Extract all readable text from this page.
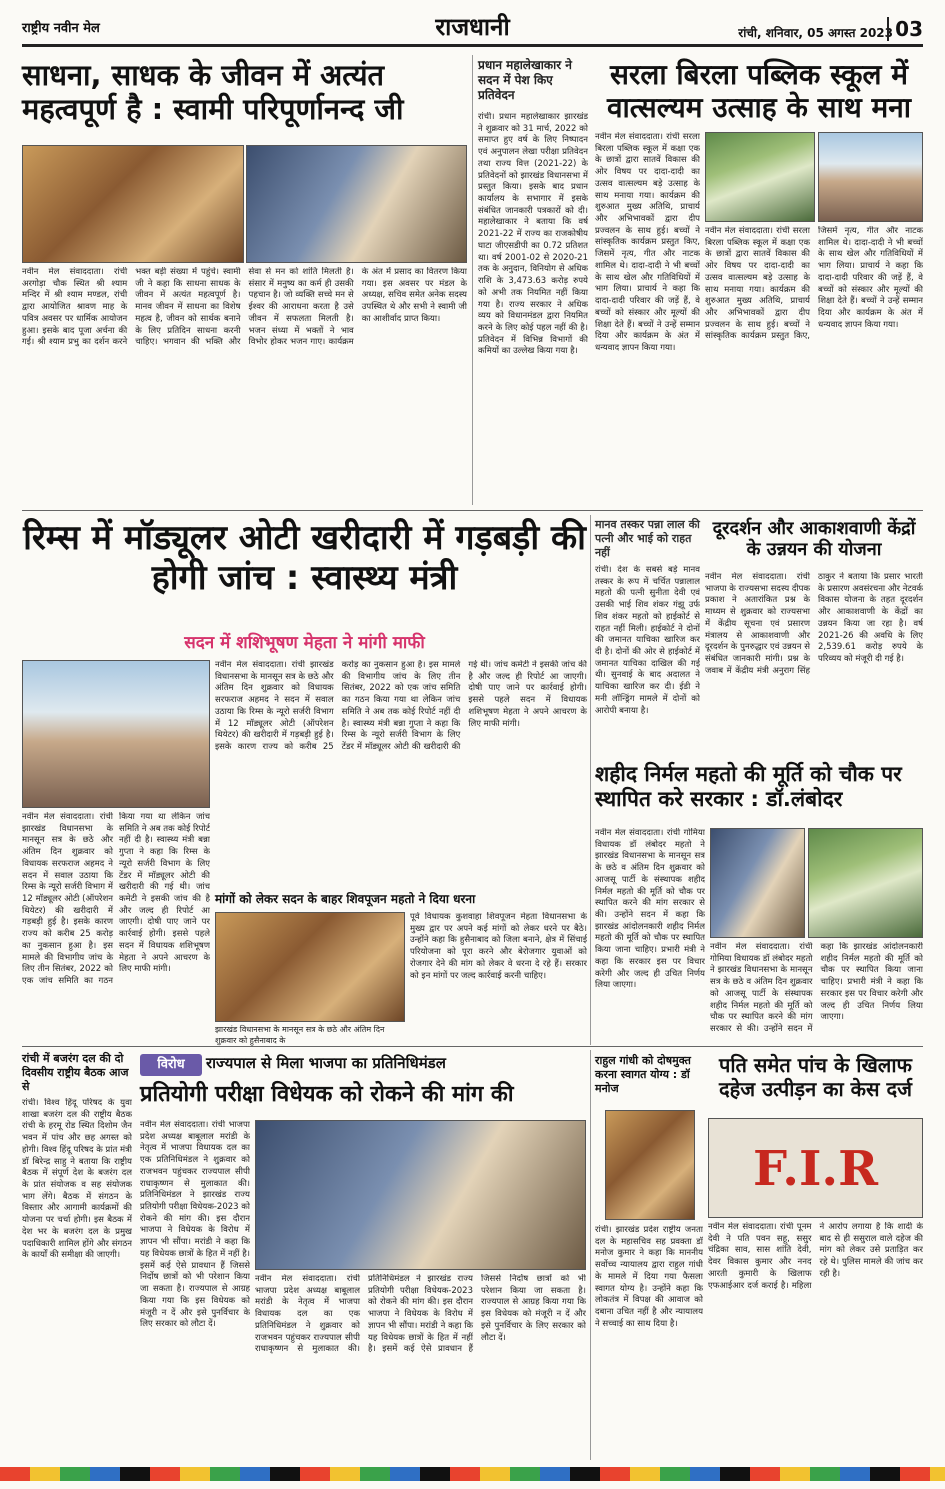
राष्ट्रीय नवीन मेल	राजधानी	रांची, शनिवार, 05 अगस्त 2023 03
साधना, साधक के जीवन में अत्यंत महत्वपूर्ण है : स्वामी परिपूर्णानन्द जी
नवीन मेल संवाददाता। रांची अरगोड़ा चौक स्थित श्री श्याम मन्दिर में श्री श्याम मण्डल, रांची द्वारा आयोजित श्रावण माह के पवित्र अवसर पर धार्मिक आयोजन हुआ। इसके बाद पूजा अर्चना की गई। श्री श्याम प्रभु का दर्शन करने भक्त बड़ी संख्या में पहुंचे। स्वामी जी ने कहा कि साधना साधक के जीवन में अत्यंत महत्वपूर्ण है। मानव जीवन में साधना का विशेष महत्व है, जीवन को सार्थक बनाने के लिए प्रतिदिन साधना करनी चाहिए। भगवान की भक्ति और सेवा से मन को शांति मिलती है। संसार में मनुष्य का कर्म ही उसकी पहचान है। जो व्यक्ति सच्चे मन से ईश्वर की आराधना करता है उसे जीवन में सफलता मिलती है। भजन संध्या में भक्तों ने भाव विभोर होकर भजन गाए। कार्यक्रम के अंत में प्रसाद का वितरण किया गया। इस अवसर पर मंडल के अध्यक्ष, सचिव समेत अनेक सदस्य उपस्थित थे और सभी ने स्वामी जी का आशीर्वाद प्राप्त किया।
प्रधान महालेखाकार ने सदन में पेश किए प्रतिवेदन
रांची। प्रधान महालेखाकार झारखंड ने शुक्रवार को 31 मार्च, 2022 को समाप्त हुए वर्ष के लिए निष्पादन एवं अनुपालन लेखा परीक्षा प्रतिवेदन तथा राज्य वित्त (2021-22) के प्रतिवेदनों को झारखंड विधानसभा में प्रस्तुत किया। इसके बाद प्रधान कार्यालय के सभागार में इसके संबंधित जानकारी पत्रकारों को दी। महालेखाकार ने बताया कि वर्ष 2021-22 में राज्य का राजकोषीय घाटा जीएसडीपी का 0.72 प्रतिशत था। वर्ष 2001-02 से 2020-21 तक के अनुदान, विनियोग से अधिक राशि के 3,473.63 करोड़ रुपये को अभी तक नियमित नहीं किया गया है। राज्य सरकार ने अधिक व्यय को विधानमंडल द्वारा नियमित करने के लिए कोई पहल नहीं की है। प्रतिवेदन में विभिन्न विभागों की कमियों का उल्लेख किया गया है।
सरला बिरला पब्लिक स्कूल में वात्सल्यम उत्साह के साथ मना
नवीन मेल संवाददाता। रांची सरला बिरला पब्लिक स्कूल में कक्षा एक के छात्रों द्वारा सातवें विकास की ओर विषय पर दादा-दादी का उत्सव वात्सल्यम बड़े उत्साह के साथ मनाया गया। कार्यक्रम की शुरुआत मुख्य अतिथि, प्राचार्य और अभिभावकों द्वारा दीप प्रज्वलन के साथ हुई। बच्चों ने सांस्कृतिक कार्यक्रम प्रस्तुत किए, जिसमें नृत्य, गीत और नाटक शामिल थे। दादा-दादी ने भी बच्चों के साथ खेल और गतिविधियों में भाग लिया। प्राचार्य ने कहा कि दादा-दादी परिवार की जड़ें हैं, वे बच्चों को संस्कार और मूल्यों की शिक्षा देते हैं। बच्चों ने उन्हें सम्मान दिया और कार्यक्रम के अंत में धन्यवाद ज्ञापन किया गया।
नवीन मेल संवाददाता। रांची सरला बिरला पब्लिक स्कूल में कक्षा एक के छात्रों द्वारा सातवें विकास की ओर विषय पर दादा-दादी का उत्सव वात्सल्यम बड़े उत्साह के साथ मनाया गया। कार्यक्रम की शुरुआत मुख्य अतिथि, प्राचार्य और अभिभावकों द्वारा दीप प्रज्वलन के साथ हुई। बच्चों ने सांस्कृतिक कार्यक्रम प्रस्तुत किए, जिसमें नृत्य, गीत और नाटक शामिल थे। दादा-दादी ने भी बच्चों के साथ खेल और गतिविधियों में भाग लिया। प्राचार्य ने कहा कि दादा-दादी परिवार की जड़ें हैं, वे बच्चों को संस्कार और मूल्यों की शिक्षा देते हैं। बच्चों ने उन्हें सम्मान दिया और कार्यक्रम के अंत में धन्यवाद ज्ञापन किया गया।
रिम्स में मॉड्यूलर ओटी खरीदारी में गड़बड़ी की होगी जांच : स्वास्थ्य मंत्री
सदन में शशिभूषण मेहता ने मांगी माफी
नवीन मेल संवाददाता। रांची झारखंड विधानसभा के मानसून सत्र के छठे और अंतिम दिन शुक्रवार को विधायक सरफराज अहमद ने सदन में सवाल उठाया कि रिम्स के न्यूरो सर्जरी विभाग में 12 मॉड्यूलर ओटी (ऑपरेशन थियेटर) की खरीदारी में गड़बड़ी हुई है। इसके कारण राज्य को करीब 25 करोड़ का नुकसान हुआ है। इस मामले की विभागीय जांच के लिए तीन सितंबर, 2022 को एक जांच समिति का गठन किया गया था लेकिन जांच समिति ने अब तक कोई रिपोर्ट नहीं दी है। स्वास्थ्य मंत्री बन्ना गुप्ता ने कहा कि रिम्स के न्यूरो सर्जरी विभाग के लिए टेंडर में मॉड्यूलर ओटी की खरीदारी की गई थी। जांच कमेटी ने इसकी जांच की है और जल्द ही रिपोर्ट आ जाएगी। दोषी पाए जाने पर कार्रवाई होगी। इससे पहले सदन में विधायक शशिभूषण मेहता ने अपने आचरण के लिए माफी मांगी।
नवीन मेल संवाददाता। रांची झारखंड विधानसभा के मानसून सत्र के छठे और अंतिम दिन शुक्रवार को विधायक सरफराज अहमद ने सदन में सवाल उठाया कि रिम्स के न्यूरो सर्जरी विभाग में 12 मॉड्यूलर ओटी (ऑपरेशन थियेटर) की खरीदारी में गड़बड़ी हुई है। इसके कारण राज्य को करीब 25 करोड़ का नुकसान हुआ है। इस मामले की विभागीय जांच के लिए तीन सितंबर, 2022 को एक जांच समिति का गठन किया गया था लेकिन जांच समिति ने अब तक कोई रिपोर्ट नहीं दी है। स्वास्थ्य मंत्री बन्ना गुप्ता ने कहा कि रिम्स के न्यूरो सर्जरी विभाग के लिए टेंडर में मॉड्यूलर ओटी की खरीदारी की गई थी। जांच कमेटी ने इसकी जांच की है और जल्द ही रिपोर्ट आ जाएगी। दोषी पाए जाने पर कार्रवाई होगी। इससे पहले सदन में विधायक शशिभूषण मेहता ने अपने आचरण के लिए माफी मांगी।
मांगों को लेकर सदन के बाहर शिवपूजन महतो ने दिया धरना
झारखंड विधानसभा के मानसून सत्र के छठे और अंतिम दिन शुक्रवार को हुसैनाबाद के
पूर्व विधायक कुशवाहा शिवपूजन मेहता विधानसभा के मुख्य द्वार पर अपने कई मांगों को लेकर धरने पर बैठे। उन्होंने कहा कि हुसैनाबाद को जिला बनाने, क्षेत्र में सिंचाई परियोजना को पूरा करने और बेरोजगार युवाओं को रोजगार देने की मांग को लेकर वे धरना दे रहे हैं। सरकार को इन मांगों पर जल्द कार्रवाई करनी चाहिए।
मानव तस्कर पन्ना लाल की पत्नी और भाई को राहत नहीं
रांची। देश के सबसे बड़े मानव तस्कर के रूप में चर्चित पन्नालाल महतो की पत्नी सुनीता देवी एवं उसकी भाई शिव शंकर गंझू उर्फ शिव शंकर महतो को हाईकोर्ट से राहत नहीं मिली। हाईकोर्ट ने दोनों की जमानत याचिका खारिज कर दी है। दोनों की ओर से हाईकोर्ट में जमानत याचिका दाखिल की गई थी। सुनवाई के बाद अदालत ने याचिका खारिज कर दी। ईडी ने मनी लॉन्ड्रिंग मामले में दोनों को आरोपी बनाया है।
दूरदर्शन और आकाशवाणी केंद्रों के उन्नयन की योजना
नवीन मेल संवाददाता। रांची भाजपा के राज्यसभा सदस्य दीपक प्रकाश ने अतारांकित प्रश्न के माध्यम से शुक्रवार को राज्यसभा में केंद्रीय सूचना एवं प्रसारण मंत्रालय से आकाशवाणी और दूरदर्शन के पुनरुद्धार एवं उन्नयन से संबंधित जानकारी मांगी। प्रश्न के जवाब में केंद्रीय मंत्री अनुराग सिंह ठाकुर ने बताया कि प्रसार भारती के प्रसारण अवसंरचना और नेटवर्क विकास योजना के तहत दूरदर्शन और आकाशवाणी के केंद्रों का उन्नयन किया जा रहा है। वर्ष 2021-26 की अवधि के लिए 2,539.61 करोड़ रुपये के परिव्यय को मंजूरी दी गई है।
शहीद निर्मल महतो की मूर्ति को चौक पर स्थापित करे सरकार : डॉ.लंबोदर
नवीन मेल संवाददाता। रांची गोमिया विधायक डॉ लंबोदर महतो ने झारखंड विधानसभा के मानसून सत्र के छठे व अंतिम दिन शुक्रवार को आजसू पार्टी के संस्थापक शहीद निर्मल महतो की मूर्ति को चौक पर स्थापित करने की मांग सरकार से की। उन्होंने सदन में कहा कि झारखंड आंदोलनकारी शहीद निर्मल महतो की मूर्ति को चौक पर स्थापित किया जाना चाहिए। प्रभारी मंत्री ने कहा कि सरकार इस पर विचार करेगी और जल्द ही उचित निर्णय लिया जाएगा।
नवीन मेल संवाददाता। रांची गोमिया विधायक डॉ लंबोदर महतो ने झारखंड विधानसभा के मानसून सत्र के छठे व अंतिम दिन शुक्रवार को आजसू पार्टी के संस्थापक शहीद निर्मल महतो की मूर्ति को चौक पर स्थापित करने की मांग सरकार से की। उन्होंने सदन में कहा कि झारखंड आंदोलनकारी शहीद निर्मल महतो की मूर्ति को चौक पर स्थापित किया जाना चाहिए। प्रभारी मंत्री ने कहा कि सरकार इस पर विचार करेगी और जल्द ही उचित निर्णय लिया जाएगा।
रांची में बजरंग दल की दो दिवसीय राष्ट्रीय बैठक आज से
रांची। विश्व हिंदू परिषद के युवा शाखा बजरंग दल की राष्ट्रीय बैठक रांची के हरमू रोड स्थित दिशोम जैन भवन में पांच और छह अगस्त को होगी। विश्व हिंदू परिषद के प्रांत मंत्री डॉ बिरेन्द्र साहु ने बताया कि राष्ट्रीय बैठक में संपूर्ण देश के बजरंग दल के प्रांत संयोजक व सह संयोजक भाग लेंगे। बैठक में संगठन के विस्तार और आगामी कार्यक्रमों की योजना पर चर्चा होगी। इस बैठक में देश भर के बजरंग दल के प्रमुख पदाधिकारी शामिल होंगे और संगठन के कार्यों की समीक्षा की जाएगी।
विरोध	राज्यपाल से मिला भाजपा का प्रतिनिधिमंडल
प्रतियोगी परीक्षा विधेयक को रोकने की मांग की
नवीन मेल संवाददाता। रांची भाजपा प्रदेश अध्यक्ष बाबूलाल मरांडी के नेतृत्व में भाजपा विधायक दल का एक प्रतिनिधिमंडल ने शुक्रवार को राजभवन पहुंचकर राज्यपाल सीपी राधाकृष्णन से मुलाकात की। प्रतिनिधिमंडल ने झारखंड राज्य प्रतियोगी परीक्षा विधेयक-2023 को रोकने की मांग की। इस दौरान भाजपा ने विधेयक के विरोध में ज्ञापन भी सौंपा। मरांडी ने कहा कि यह विधेयक छात्रों के हित में नहीं है। इसमें कई ऐसे प्रावधान हैं जिससे निर्दोष छात्रों को भी परेशान किया जा सकता है। राज्यपाल से आग्रह किया गया कि इस विधेयक को मंजूरी न दें और इसे पुनर्विचार के लिए सरकार को लौटा दें।
नवीन मेल संवाददाता। रांची भाजपा प्रदेश अध्यक्ष बाबूलाल मरांडी के नेतृत्व में भाजपा विधायक दल का एक प्रतिनिधिमंडल ने शुक्रवार को राजभवन पहुंचकर राज्यपाल सीपी राधाकृष्णन से मुलाकात की। प्रतिनिधिमंडल ने झारखंड राज्य प्रतियोगी परीक्षा विधेयक-2023 को रोकने की मांग की। इस दौरान भाजपा ने विधेयक के विरोध में ज्ञापन भी सौंपा। मरांडी ने कहा कि यह विधेयक छात्रों के हित में नहीं है। इसमें कई ऐसे प्रावधान हैं जिससे निर्दोष छात्रों को भी परेशान किया जा सकता है। राज्यपाल से आग्रह किया गया कि इस विधेयक को मंजूरी न दें और इसे पुनर्विचार के लिए सरकार को लौटा दें।
राहुल गांधी को दोषमुक्त करना स्वागत योग्य : डॉ मनोज
रांची। झारखंड प्रदेश राष्ट्रीय जनता दल के महासचिव सह प्रवक्ता डॉ मनोज कुमार ने कहा कि माननीय सर्वोच्च न्यायालय द्वारा राहुल गांधी के मामले में दिया गया फैसला स्वागत योग्य है। उन्होंने कहा कि लोकतंत्र में विपक्ष की आवाज को दबाना उचित नहीं है और न्यायालय ने सच्चाई का साथ दिया है।
पति समेत पांच के खिलाफ दहेज उत्पीड़न का केस दर्ज
F.I.R
नवीन मेल संवाददाता। रांची पूनम देवी ने पति पवन सहू, ससुर चंद्रिका साव, सास शांति देवी, देवर विकास कुमार और ननद आरती कुमारी के खिलाफ एफआईआर दर्ज कराई है। महिला ने आरोप लगाया है कि शादी के बाद से ही ससुराल वाले दहेज की मांग को लेकर उसे प्रताड़ित कर रहे थे। पुलिस मामले की जांच कर रही है।
